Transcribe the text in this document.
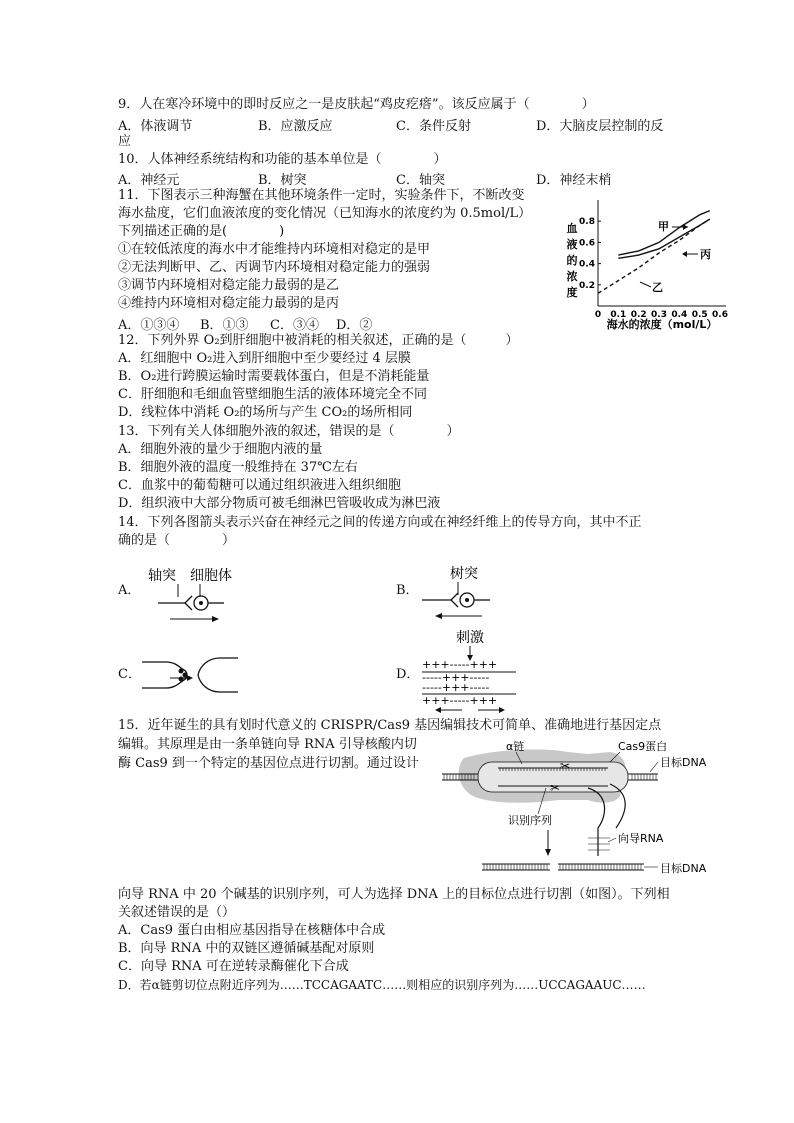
9．人在寒冷环境中的即时反应之一是皮肤起“鸡皮疙瘩”。该反应属于（　　　　）
A．体液调节	B．应激反应	C．条件反射	D．大脑皮层控制的反
应
10．人体神经系统结构和功能的基本单位是（　　　　）
A．神经元	B．树突	C．轴突	D．神经末梢
11．下图表示三种海蟹在其他环境条件一定时，实验条件下，不断改变
海水盐度，它们血液浓度的变化情况（已知海水的浓度约为 0.5mol/L）
下列描述正确的是(　　　　)
①在较低浓度的海水中才能维持内环境相对稳定的是甲
②无法判断甲、乙、丙调节内环境相对稳定能力的强弱
③调节内环境相对稳定能力最弱的是乙
④维持内环境相对稳定能力最弱的是丙
A．①③④ B．①③ C．③④ D．②
血
液
的
浓
度
0 0.1 0.2 0.3 0.4 0.5 0.6
0.2
0.4
0.6
0.8	甲
丙
乙
海水的浓度（mol/L）
12．下列外界 O₂到肝细胞中被消耗的相关叙述，正确的是（　　　）
A．红细胞中 O₂进入到肝细胞中至少要经过 4 层膜
B．O₂进行跨膜运输时需要载体蛋白，但是不消耗能量
C．肝细胞和毛细血管壁细胞生活的液体环境完全不同
D．线粒体中消耗 O₂的场所与产生 CO₂的场所相同
13．下列有关人体细胞外液的叙述，错误的是（　　　　）
A．细胞外液的量少于细胞内液的量
B．细胞外液的温度一般维持在 37℃左右
C．血浆中的葡萄糖可以通过组织液进入组织细胞
D．组织液中大部分物质可被毛细淋巴管吸收成为淋巴液
14．下列各图箭头表示兴奋在神经元之间的传递方向或在神经纤维上的传导方向，其中不正
确的是（　　　　）
A．
轴突 细胞体
B．
树突
C．	D．
刺激
+++-‐-‐-+++
-‐-‐-+++-‐-‐-
-‐-‐-+++-‐-‐-
+++-‐-‐-+++
15．近年诞生的具有划时代意义的 CRISPR/Cas9 基因编辑技术可简单、准确地进行基因定点
编辑。其原理是由一条单链向导 RNA 引导核酸内切
酶 Cas9 到一个特定的基因位点进行切割。通过设计	✂
✂
α链	Cas9蛋白
目标DNA
识别序列
向导RNA
目标DNA
向导 RNA 中 20 个碱基的识别序列，可人为选择 DNA 上的目标位点进行切割（如图）。下列相
关叙述错误的是（）
A．Cas9 蛋白由相应基因指导在核糖体中合成
B．向导 RNA 中的双链区遵循碱基配对原则
C．向导 RNA 可在逆转录酶催化下合成
D．若α链剪切位点附近序列为……TCCAGAATC……则相应的识别序列为……UCCAGAAUC……
